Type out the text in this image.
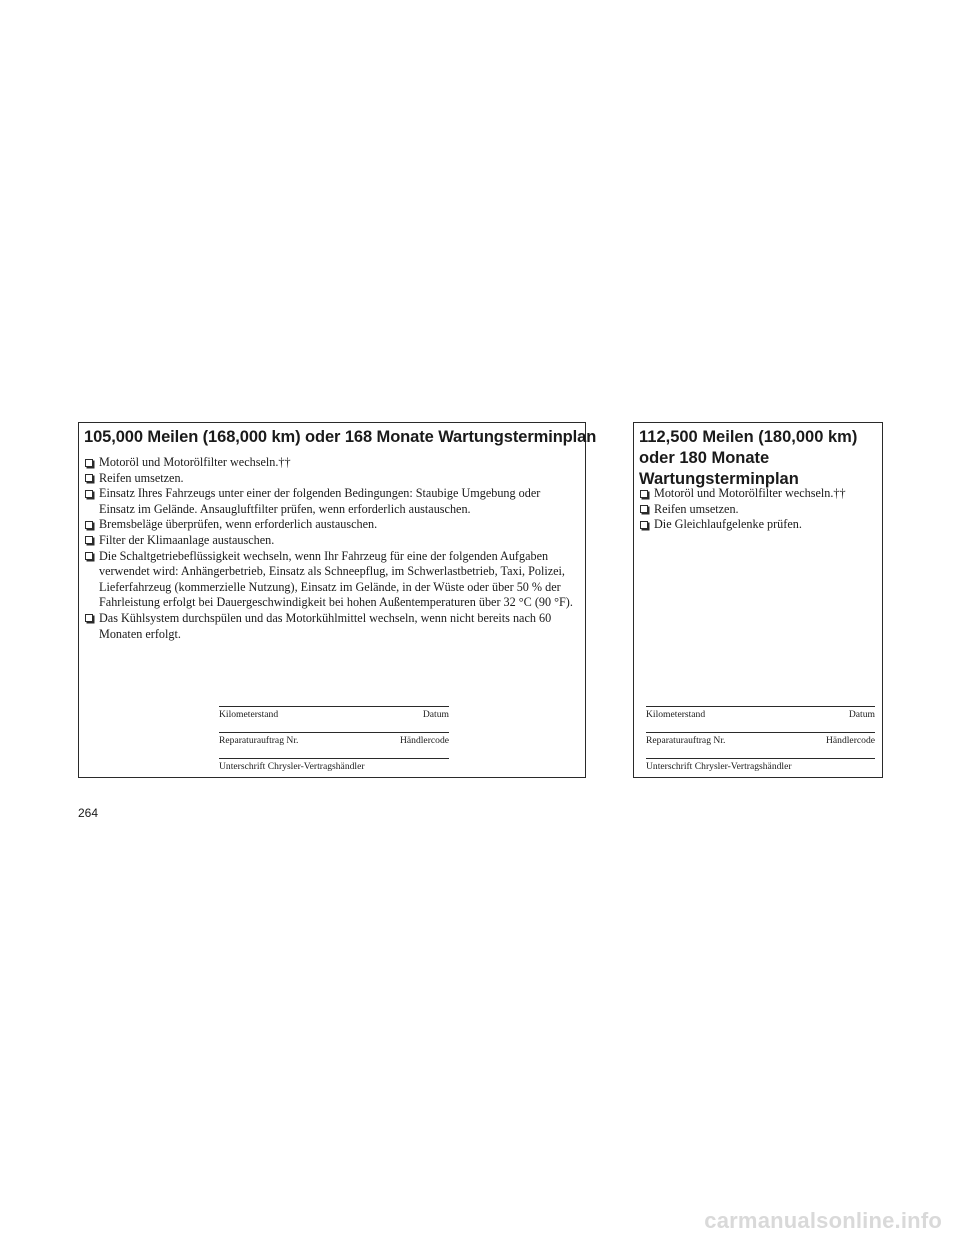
105,000 Meilen (168,000 km) oder 168 Monate Wartungsterminplan
Motoröl und Motorölfilter wechseln.††
Reifen umsetzen.
Einsatz Ihres Fahrzeugs unter einer der folgenden Bedingungen: Staubige Umgebung oder Einsatz im Gelände. Ansaugluftfilter prüfen, wenn erforderlich austauschen.
Bremsbeläge überprüfen, wenn erforderlich austauschen.
Filter der Klimaanlage austauschen.
Die Schaltgetriebeflüssigkeit wechseln, wenn Ihr Fahrzeug für eine der folgenden Aufgaben verwendet wird: Anhängerbetrieb, Einsatz als Schneepflug, im Schwerlastbetrieb, Taxi, Polizei, Lieferfahrzeug (kommerzielle Nutzung), Einsatz im Gelände, in der Wüste oder über 50 % der Fahrleistung erfolgt bei Dauergeschwindigkeit bei hohen Außentemperaturen über 32 °C (90 °F).
Das Kühlsystem durchspülen und das Motorkühlmittel wechseln, wenn nicht bereits nach 60 Monaten erfolgt.
Kilometerstand	Datum
Reparaturauftrag Nr.	Händlercode
Unterschrift Chrysler-Vertragshändler
112,500 Meilen (180,000 km) oder 180 Monate Wartungsterminplan
Motoröl und Motorölfilter wechseln.††
Reifen umsetzen.
Die Gleichlaufgelenke prüfen.
Kilometerstand	Datum
Reparaturauftrag Nr.	Händlercode
Unterschrift Chrysler-Vertragshändler
264
carmanualsonline.info
